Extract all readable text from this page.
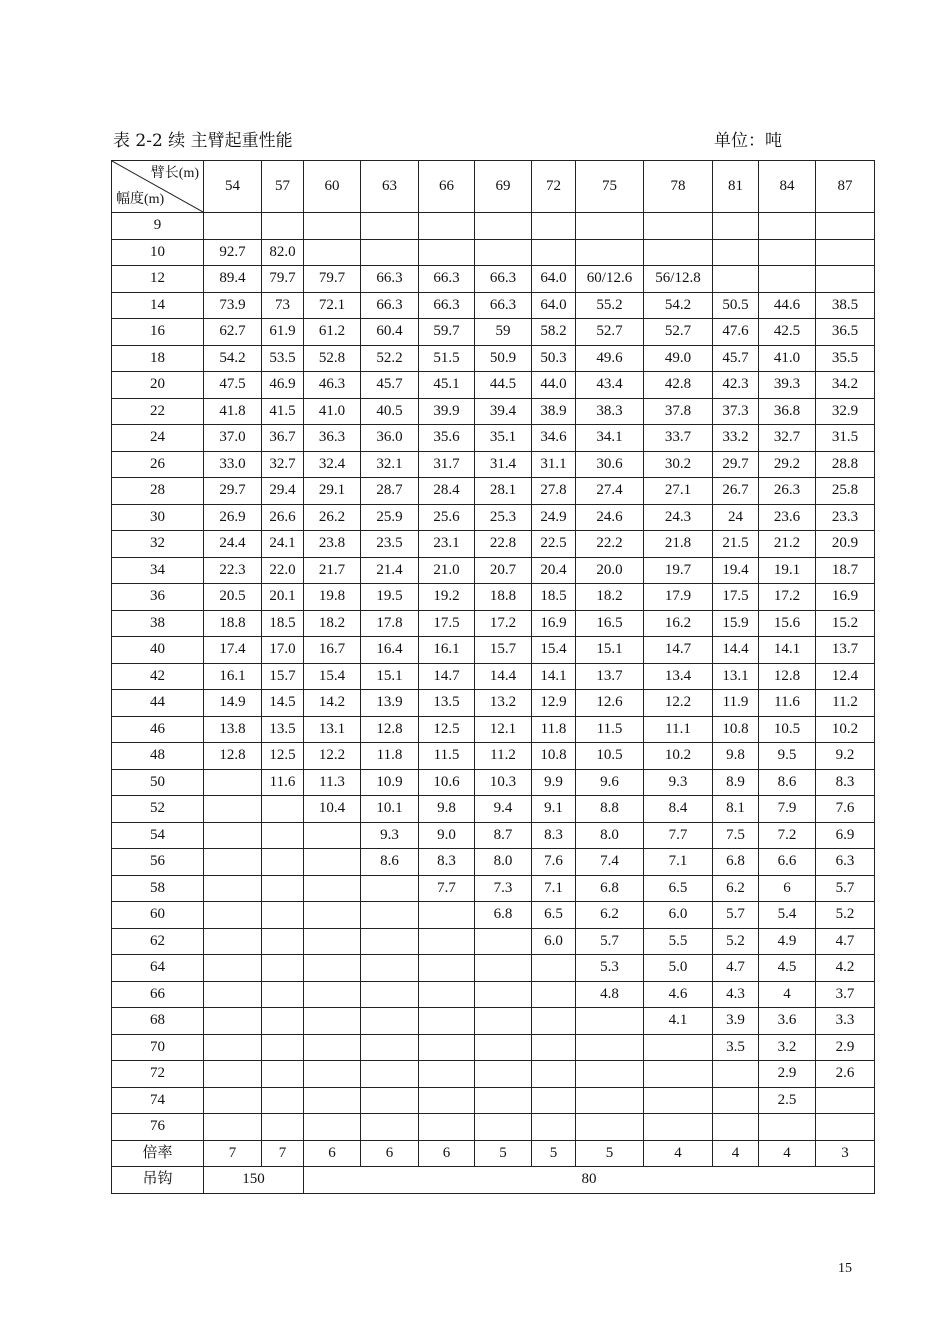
表 2-2 续 主臂起重性能	单位：吨
臂长(m)
幅度(m)	54	57	60	63	66	69	72	75	78	81	84	87
9												
10	92.7	82.0										
12	89.4	79.7	79.7	66.3	66.3	66.3	64.0	60/12.6	56/12.8			
14	73.9	73	72.1	66.3	66.3	66.3	64.0	55.2	54.2	50.5	44.6	38.5
16	62.7	61.9	61.2	60.4	59.7	59	58.2	52.7	52.7	47.6	42.5	36.5
18	54.2	53.5	52.8	52.2	51.5	50.9	50.3	49.6	49.0	45.7	41.0	35.5
20	47.5	46.9	46.3	45.7	45.1	44.5	44.0	43.4	42.8	42.3	39.3	34.2
22	41.8	41.5	41.0	40.5	39.9	39.4	38.9	38.3	37.8	37.3	36.8	32.9
24	37.0	36.7	36.3	36.0	35.6	35.1	34.6	34.1	33.7	33.2	32.7	31.5
26	33.0	32.7	32.4	32.1	31.7	31.4	31.1	30.6	30.2	29.7	29.2	28.8
28	29.7	29.4	29.1	28.7	28.4	28.1	27.8	27.4	27.1	26.7	26.3	25.8
30	26.9	26.6	26.2	25.9	25.6	25.3	24.9	24.6	24.3	24	23.6	23.3
32	24.4	24.1	23.8	23.5	23.1	22.8	22.5	22.2	21.8	21.5	21.2	20.9
34	22.3	22.0	21.7	21.4	21.0	20.7	20.4	20.0	19.7	19.4	19.1	18.7
36	20.5	20.1	19.8	19.5	19.2	18.8	18.5	18.2	17.9	17.5	17.2	16.9
38	18.8	18.5	18.2	17.8	17.5	17.2	16.9	16.5	16.2	15.9	15.6	15.2
40	17.4	17.0	16.7	16.4	16.1	15.7	15.4	15.1	14.7	14.4	14.1	13.7
42	16.1	15.7	15.4	15.1	14.7	14.4	14.1	13.7	13.4	13.1	12.8	12.4
44	14.9	14.5	14.2	13.9	13.5	13.2	12.9	12.6	12.2	11.9	11.6	11.2
46	13.8	13.5	13.1	12.8	12.5	12.1	11.8	11.5	11.1	10.8	10.5	10.2
48	12.8	12.5	12.2	11.8	11.5	11.2	10.8	10.5	10.2	9.8	9.5	9.2
50		11.6	11.3	10.9	10.6	10.3	9.9	9.6	9.3	8.9	8.6	8.3
52			10.4	10.1	9.8	9.4	9.1	8.8	8.4	8.1	7.9	7.6
54				9.3	9.0	8.7	8.3	8.0	7.7	7.5	7.2	6.9
56				8.6	8.3	8.0	7.6	7.4	7.1	6.8	6.6	6.3
58					7.7	7.3	7.1	6.8	6.5	6.2	6	5.7
60						6.8	6.5	6.2	6.0	5.7	5.4	5.2
62							6.0	5.7	5.5	5.2	4.9	4.7
64								5.3	5.0	4.7	4.5	4.2
66								4.8	4.6	4.3	4	3.7
68									4.1	3.9	3.6	3.3
70										3.5	3.2	2.9
72											2.9	2.6
74											2.5	
76												
倍率	7	7	6	6	6	5	5	5	4	4	4	3
吊钩	150		80									
15
